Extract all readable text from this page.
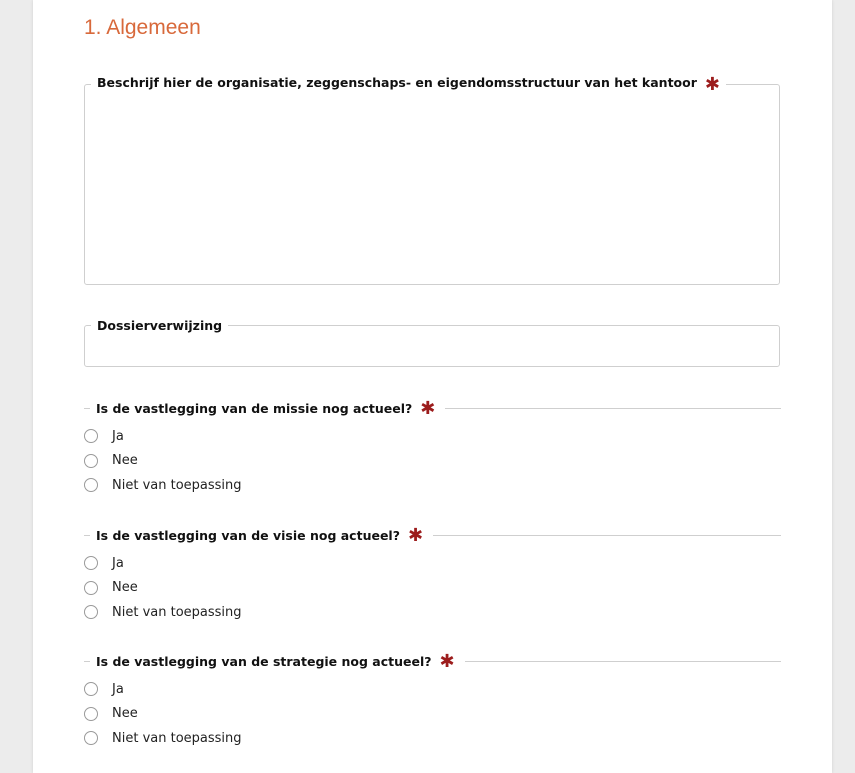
1. Algemeen
Beschrijf hier de organisatie, zeggenschaps- en eigendomsstructuur van het kantoor ✱
Dossierverwijzing
Is de vastlegging van de missie nog actueel? ✱
Ja
Nee
Niet van toepassing
Is de vastlegging van de visie nog actueel? ✱
Ja
Nee
Niet van toepassing
Is de vastlegging van de strategie nog actueel? ✱
Ja
Nee
Niet van toepassing
